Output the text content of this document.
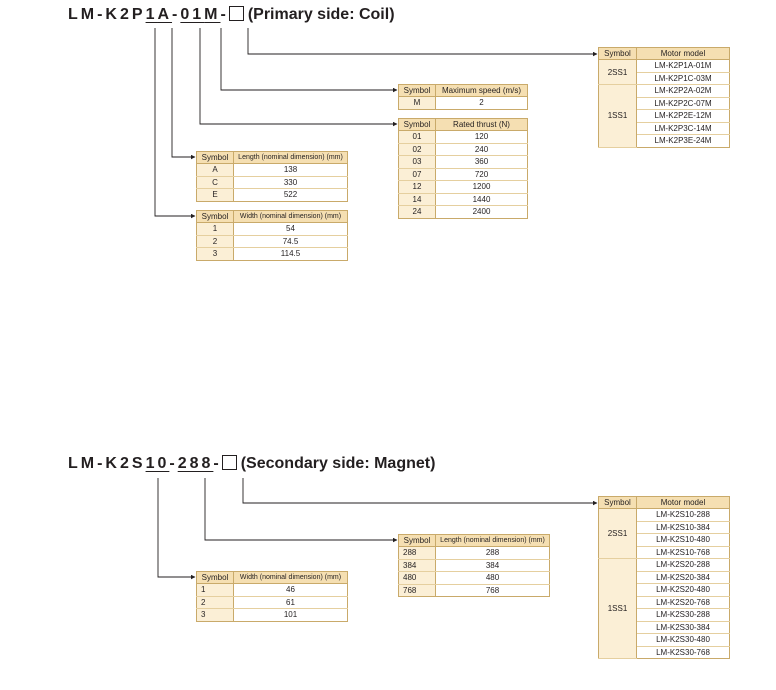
LM-K2P1A-01M- (Primary side: Coil)
Symbol	Motor model
2SS1	LM-K2P1A-01M
	LM-K2P1C-03M
1SS1	LM-K2P2A-02M
	LM-K2P2C-07M
	LM-K2P2E-12M
	LM-K2P3C-14M
	LM-K2P3E-24M
Symbol	Maximum speed (m/s)
M	2
Symbol	Rated thrust (N)
01	120
02	240
03	360
07	720
12	1200
14	1440
24	2400
Symbol	Length (nominal dimension) (mm)
A	138
C	330
E	522
Symbol	Width (nominal dimension) (mm)
1	54
2	74.5
3	114.5
LM-K2S10-288- (Secondary side: Magnet)
Symbol	Motor model
2SS1	LM-K2S10-288
	LM-K2S10-384
	LM-K2S10-480
	LM-K2S10-768
1SS1	LM-K2S20-288
	LM-K2S20-384
	LM-K2S20-480
	LM-K2S20-768
	LM-K2S30-288
	LM-K2S30-384
	LM-K2S30-480
	LM-K2S30-768
Symbol	Length (nominal dimension) (mm)
288	288
384	384
480	480
768	768
Symbol	Width (nominal dimension) (mm)
1	46
2	61
3	101
